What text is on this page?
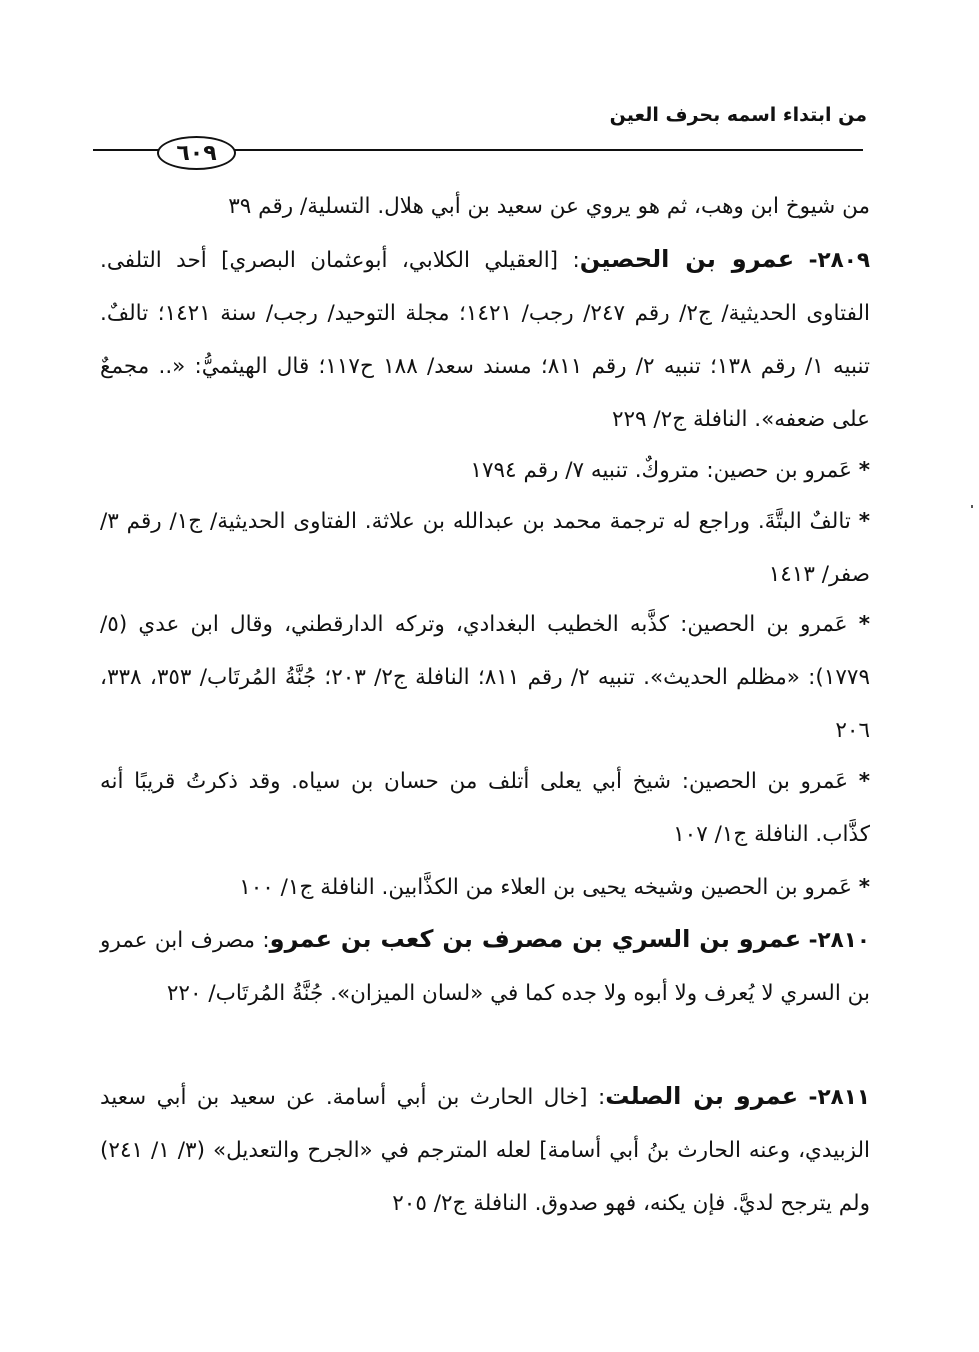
من ابتداء اسمه بحرف العين
٦٠٩
من شيوخ ابن وهب، ثم هو يروي عن سعيد بن أبي هلال. التسلية/ رقم ٣٩
٢٨٠٩- عمرو بن الحصين: [العقيلي الكلابي، أبوعثمان البصري] أحد التلفى. الفتاوى الحديثية/ ج٢/ رقم ٢٤٧/ رجب/ ١٤٢١؛ مجلة التوحيد/ رجب/ سنة ١٤٢١؛ تالفٌ. تنبيه ١/ رقم ١٣٨؛ تنبيه ٢/ رقم ٨١١؛ مسند سعد/ ١٨٨ ح١١٧؛ قال الهيثميُّ: «.. مجمعٌ على ضعفه». النافلة ج٢/ ٢٢٩
* عَمرو بن حصين: متروكٌ. تنبيه ٧/ رقم ١٧٩٤
* تالفٌ البتَّةَ. وراجع له ترجمة محمد بن عبدالله بن علاثة. الفتاوى الحديثية/ ج١/ رقم ٣/ صفر/ ١٤١٣
* عَمرو بن الحصين: كذَّبه الخطيب البغدادي، وتركه الدارقطني، وقال ابن عدي (٥/ ١٧٧٩): «مظلم الحديث». تنبيه ٢/ رقم ٨١١؛ النافلة ج٢/ ٢٠٣؛ جُنَّةُ المُرتَاب/ ٣٥٣، ٣٣٨، ٢٠٦
* عَمرو بن الحصين: شيخ أبي يعلى أتلف من حسان بن سياه. وقد ذكرتُ قريبًا أنه كذَّاب. النافلة ج١/ ١٠٧
* عَمرو بن الحصين وشيخه يحيى بن العلاء من الكذَّابين. النافلة ج١/ ١٠٠
٢٨١٠- عمرو بن السري بن مصرف بن كعب بن عمرو: مصرف ابن عمرو بن السري لا يُعرف ولا أبوه ولا جده كما في «لسان الميزان». جُنَّةُ المُرتَاب/ ٢٢٠
٢٨١١- عمرو بن الصلت: [خال الحارث بن أبي أسامة. عن سعيد بن أبي سعيد الزبيدي، وعنه الحارث بنُ أبي أسامة] لعله المترجم في «الجرح والتعديل» (٣/ ١/ ٢٤١) ولم يترجح لديَّ. فإن يكنه، فهو صدوق. النافلة ج٢/ ٢٠٥
